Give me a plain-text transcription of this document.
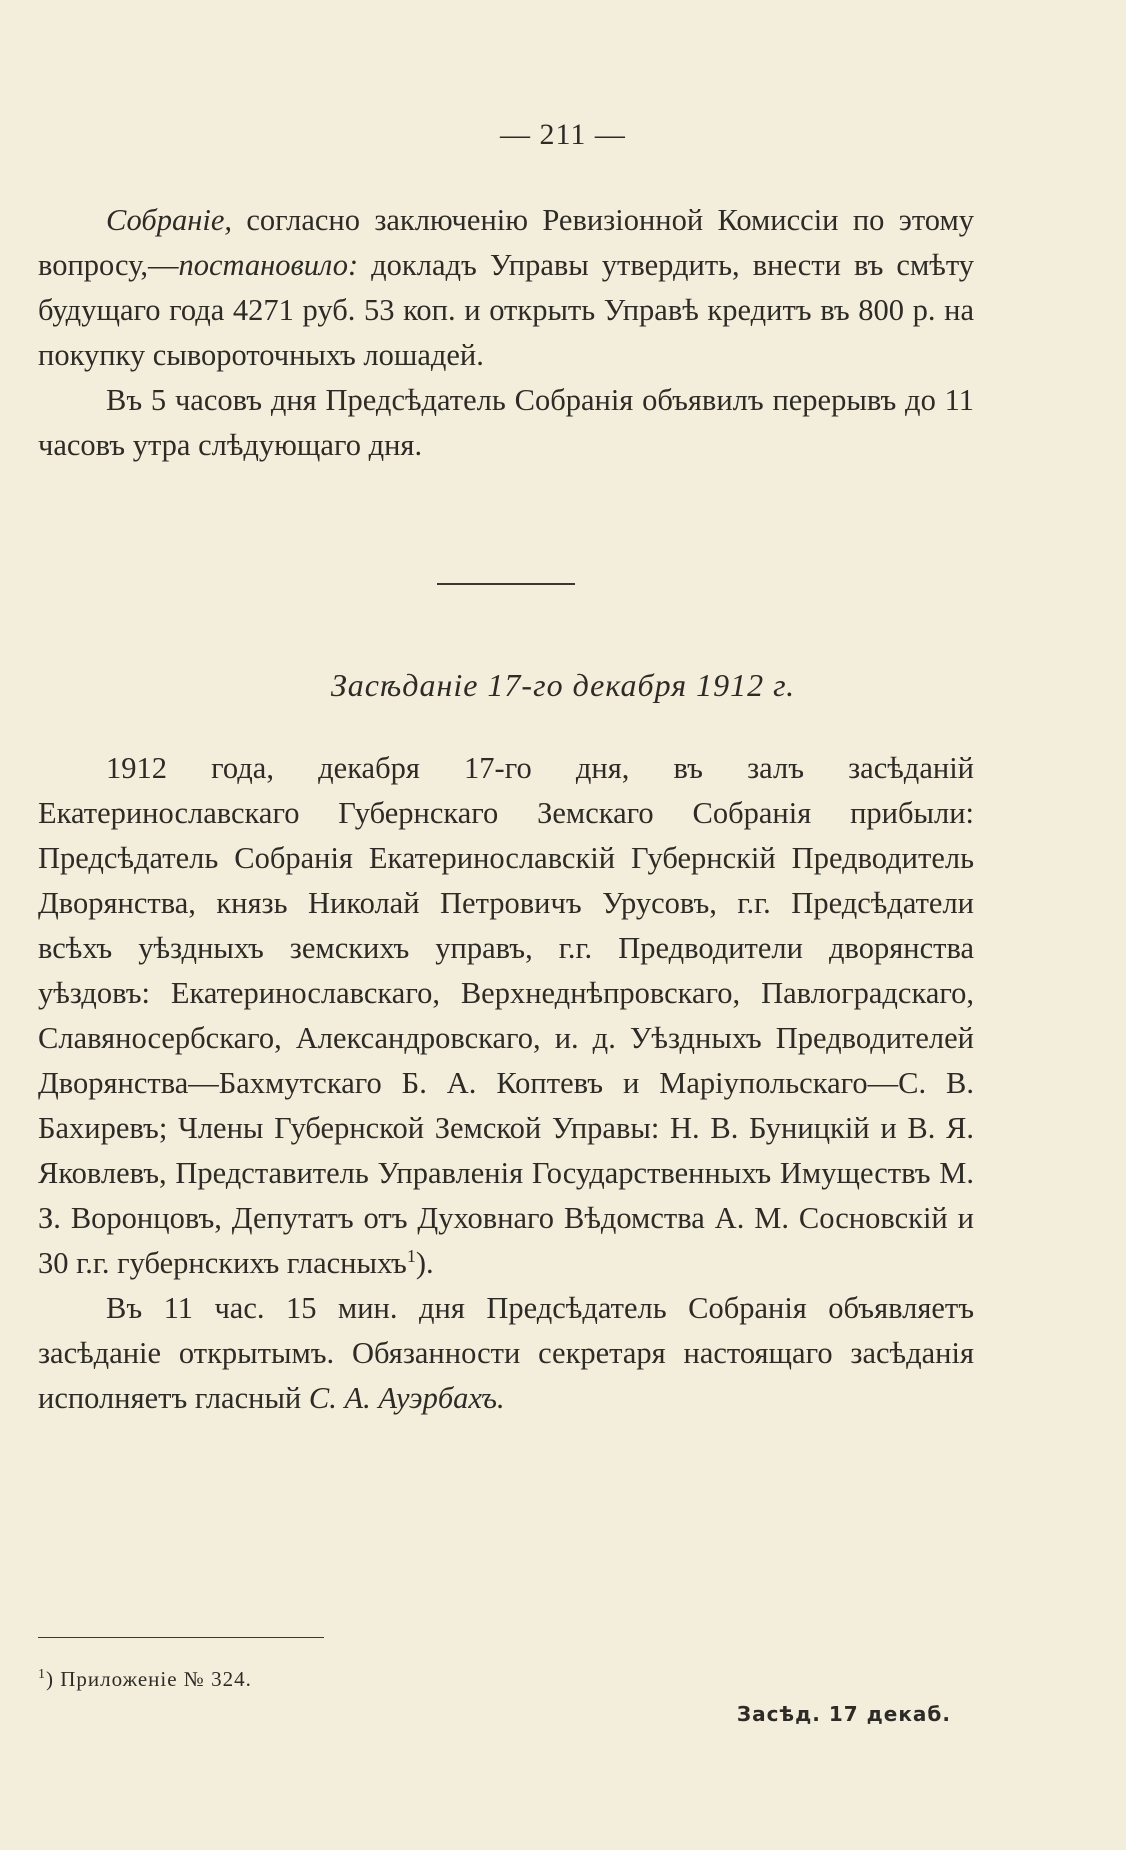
— 211 —

Собраніе, согласно заключенію Ревизіонной Комиссіи по этому вопросу,—постановило: докладъ Управы утвердить, внести въ смѣту будущаго года 4271 руб. 53 коп. и открыть Управѣ кредитъ въ 800 р. на покупку сывороточныхъ лошадей.

Въ 5 часовъ дня Предсѣдатель Собранія объявилъ перерывъ до 11 часовъ утра слѣдующаго дня.

Засѣданіе 17-го декабря 1912 г.

1912 года, декабря 17-го дня, въ залъ засѣданій Екатеринославскаго Губернскаго Земскаго Собранія прибыли: Предсѣдатель Собранія Екатеринославскій Губернскій Предводитель Дворянства, князь Николай Петровичъ Урусовъ, г.г. Предсѣдатели всѣхъ уѣздныхъ земскихъ управъ, г.г. Предводители дворянства уѣздовъ: Екатеринославскаго, Верхнеднѣпровскаго, Павлоградскаго, Славяносербскаго, Александровскаго, и. д. Уѣздныхъ Предводителей Дворянства—Бахмутскаго Б. А. Коптевъ и Маріупольскаго—С. В. Бахиревъ; Члены Губернской Земской Управы: Н. В. Буницкій и В. Я. Яковлевъ, Представитель Управленія Государственныхъ Имуществъ М. З. Воронцовъ, Депутатъ отъ Духовнаго Вѣдомства А. М. Сосновскій и 30 г.г. губернскихъ гласныхъ$^1$).

Въ 11 час. 15 мин. дня Предсѣдатель Собранія объявляетъ засѣданіе открытымъ. Обязанности секретаря настоящаго засѣданія исполняетъ гласный С. А. Ауэрбахъ.

$^1$) Приложеніе № 324.
Засѣд. 17 декаб.
